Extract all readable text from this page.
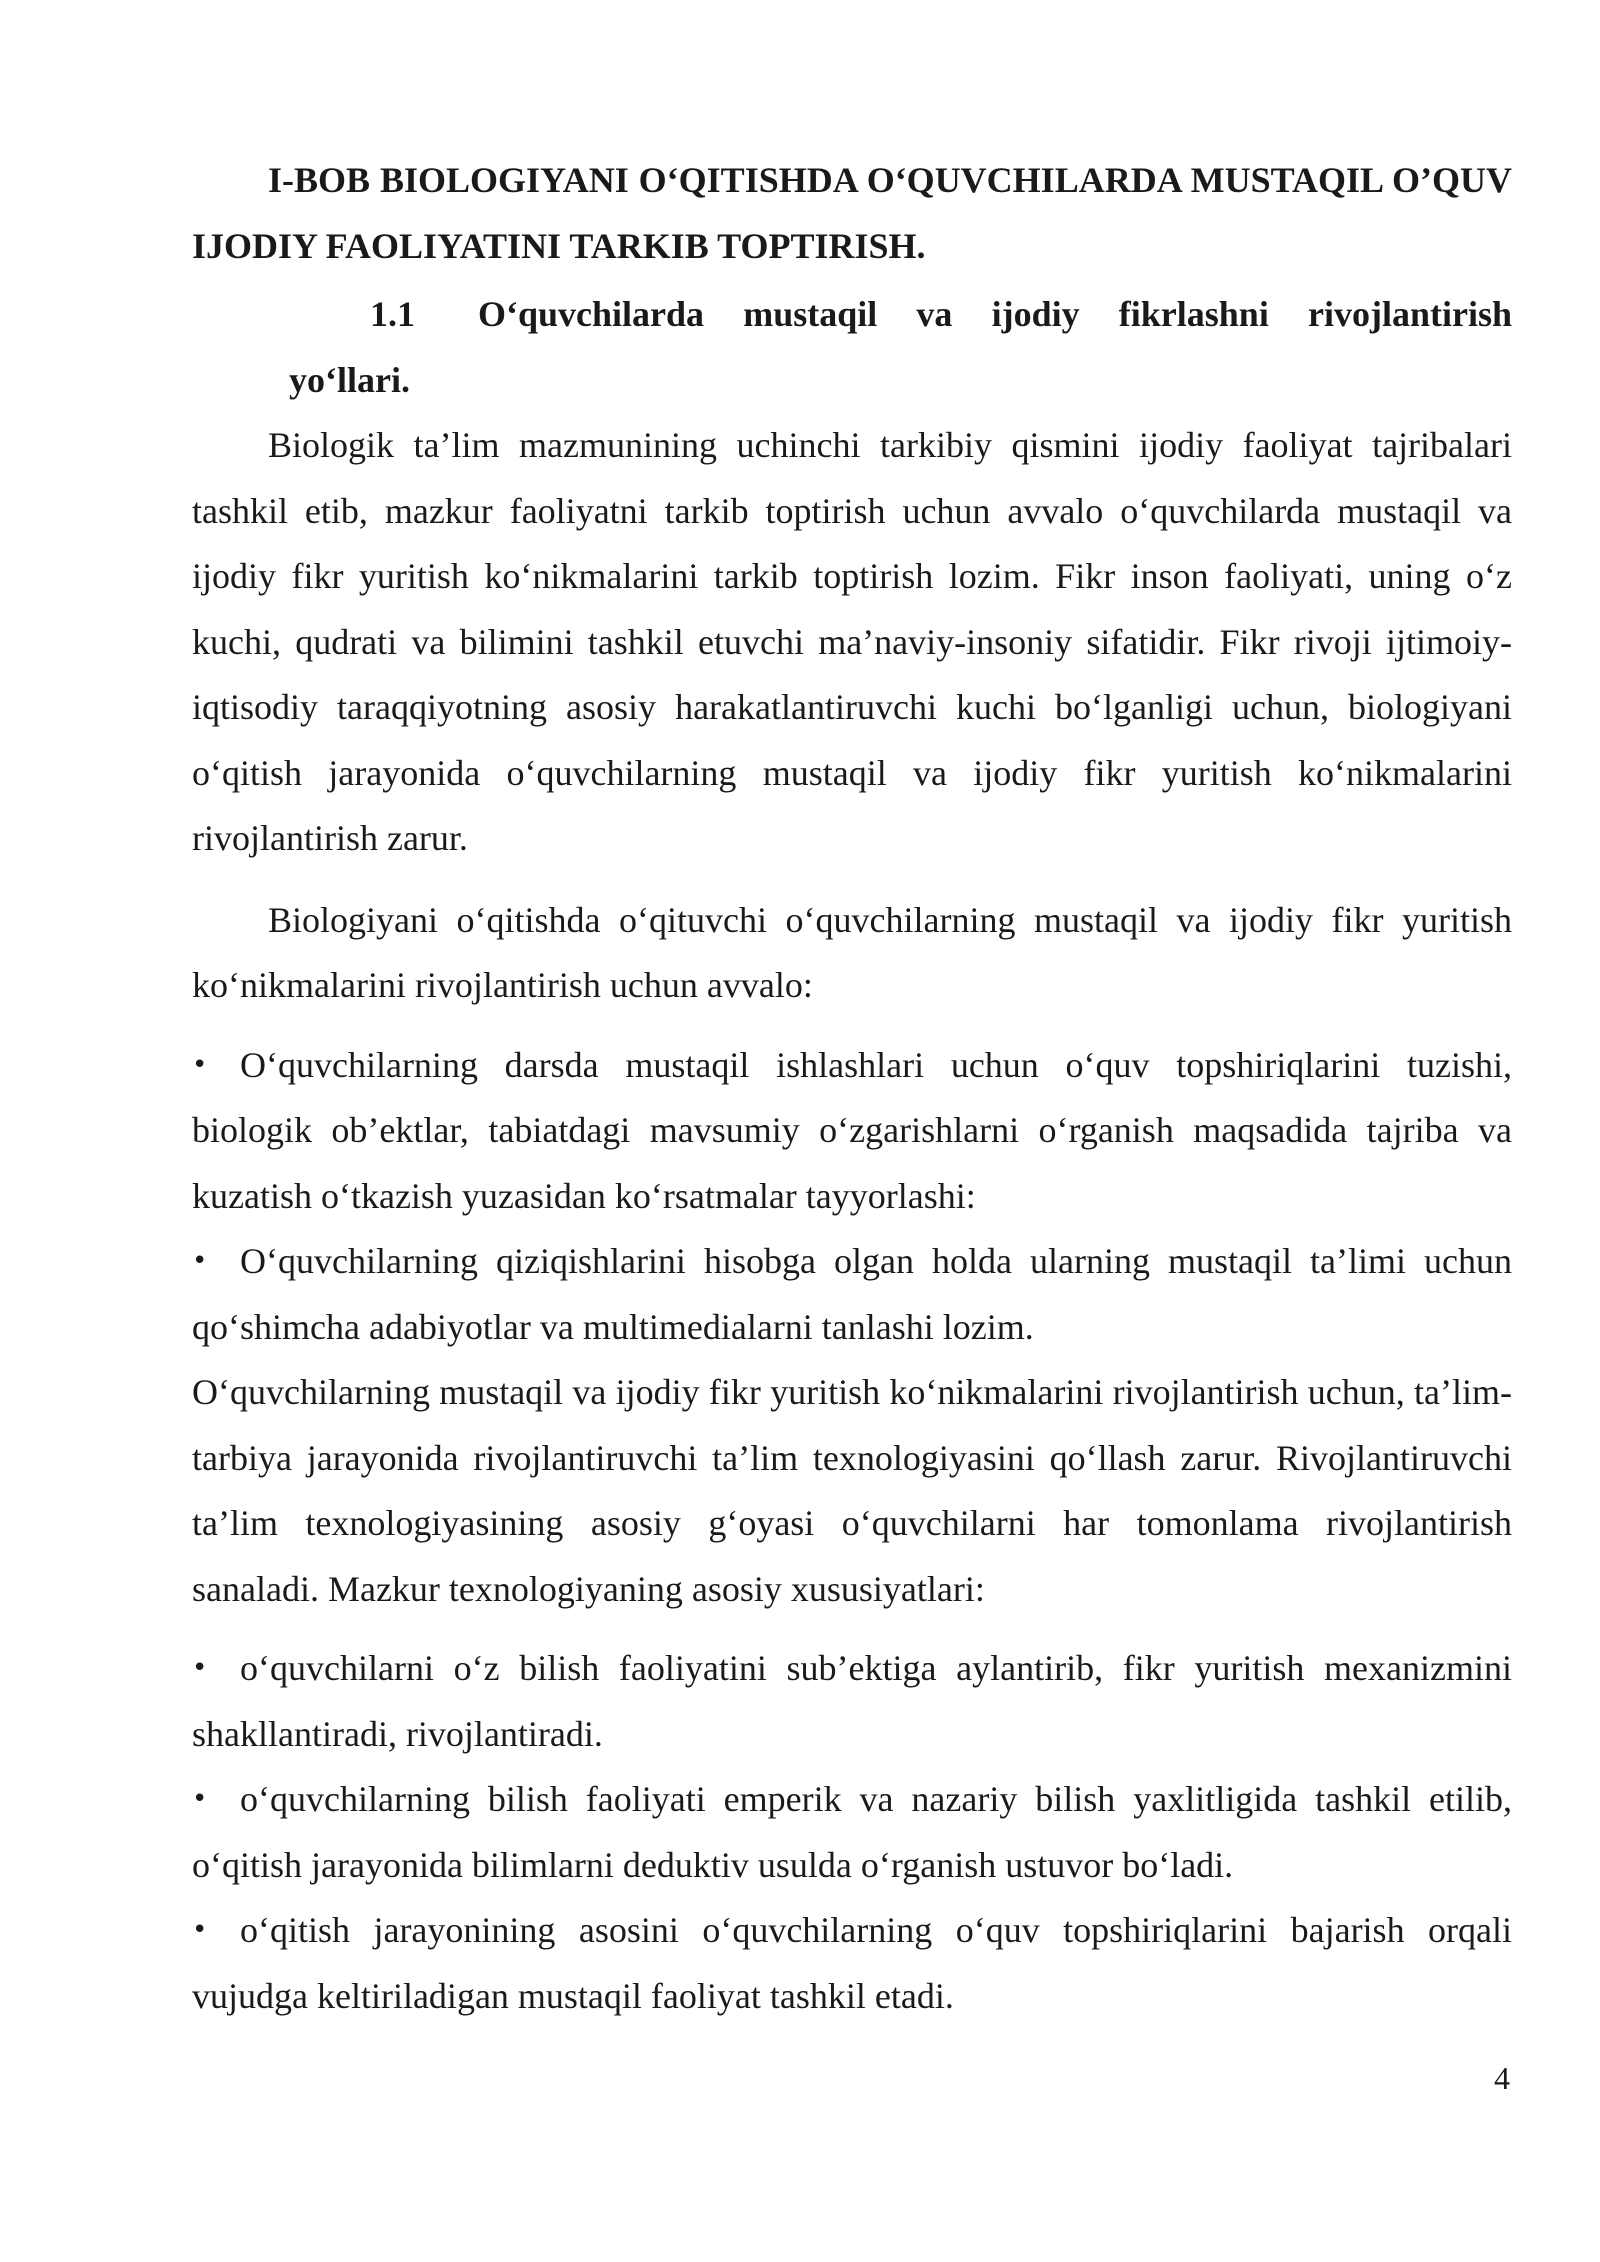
I-BOB BIOLOGIYANI O‘QITISHDA O‘QUVCHILARDA MUSTAQIL O’QUV IJODIY FAOLIYATINI TARKIB TOPTIRISH.
1.1	O‘quvchilarda mustaqil va ijodiy fikrlashni rivojlantirish
yo‘llari.

Biologik ta’lim mazmunining uchinchi tarkibiy qismini ijodiy faoliyat tajribalari tashkil etib, mazkur faoliyatni tarkib toptirish uchun avvalo o‘quvchilarda mustaqil va ijodiy fikr yuritish ko‘nikmalarini tarkib toptirish lozim. Fikr inson faoliyati, uning o‘z kuchi, qudrati va bilimini tashkil etuvchi ma’naviy-insoniy sifatidir. Fikr rivoji ijtimoiy-iqtisodiy taraqqiyotning asosiy harakatlantiruvchi kuchi bo‘lganligi uchun, biologiyani o‘qitish jarayonida o‘quvchilarning mustaqil va ijodiy fikr yuritish ko‘nikmalarini rivojlantirish zarur.

Biologiyani o‘qitishda o‘qituvchi o‘quvchilarning mustaqil va ijodiy fikr yuritish ko‘nikmalarini rivojlantirish uchun avvalo:

• O‘quvchilarning darsda mustaqil ishlashlari uchun o‘quv topshiriqlarini tuzishi, biologik ob’ektlar, tabiatdagi mavsumiy o‘zgarishlarni o‘rganish maqsadida tajriba va kuzatish o‘tkazish yuzasidan ko‘rsatmalar tayyorlashi:
• O‘quvchilarning qiziqishlarini hisobga olgan holda ularning mustaqil ta’limi uchun qo‘shimcha adabiyotlar va multimedialarni tanlashi lozim.

O‘quvchilarning mustaqil va ijodiy fikr yuritish ko‘nikmalarini rivojlantirish uchun, ta’lim-tarbiya jarayonida rivojlantiruvchi ta’lim texnologiyasini qo‘llash zarur. Rivojlantiruvchi ta’lim texnologiyasining asosiy g‘oyasi o‘quvchilarni har tomonlama rivojlantirish sanaladi. Mazkur texnologiyaning asosiy xususiyatlari:

• o‘quvchilarni o‘z bilish faoliyatini sub’ektiga aylantirib, fikr yuritish mexanizmini shakllantiradi, rivojlantiradi.
• o‘quvchilarning bilish faoliyati emperik va nazariy bilish yaxlitligida tashkil etilib, o‘qitish jarayonida bilimlarni deduktiv usulda o‘rganish ustuvor bo‘ladi.
• o‘qitish jarayonining asosini o‘quvchilarning o‘quv topshiriqlarini bajarish orqali vujudga keltiriladigan mustaqil faoliyat tashkil etadi.
4
